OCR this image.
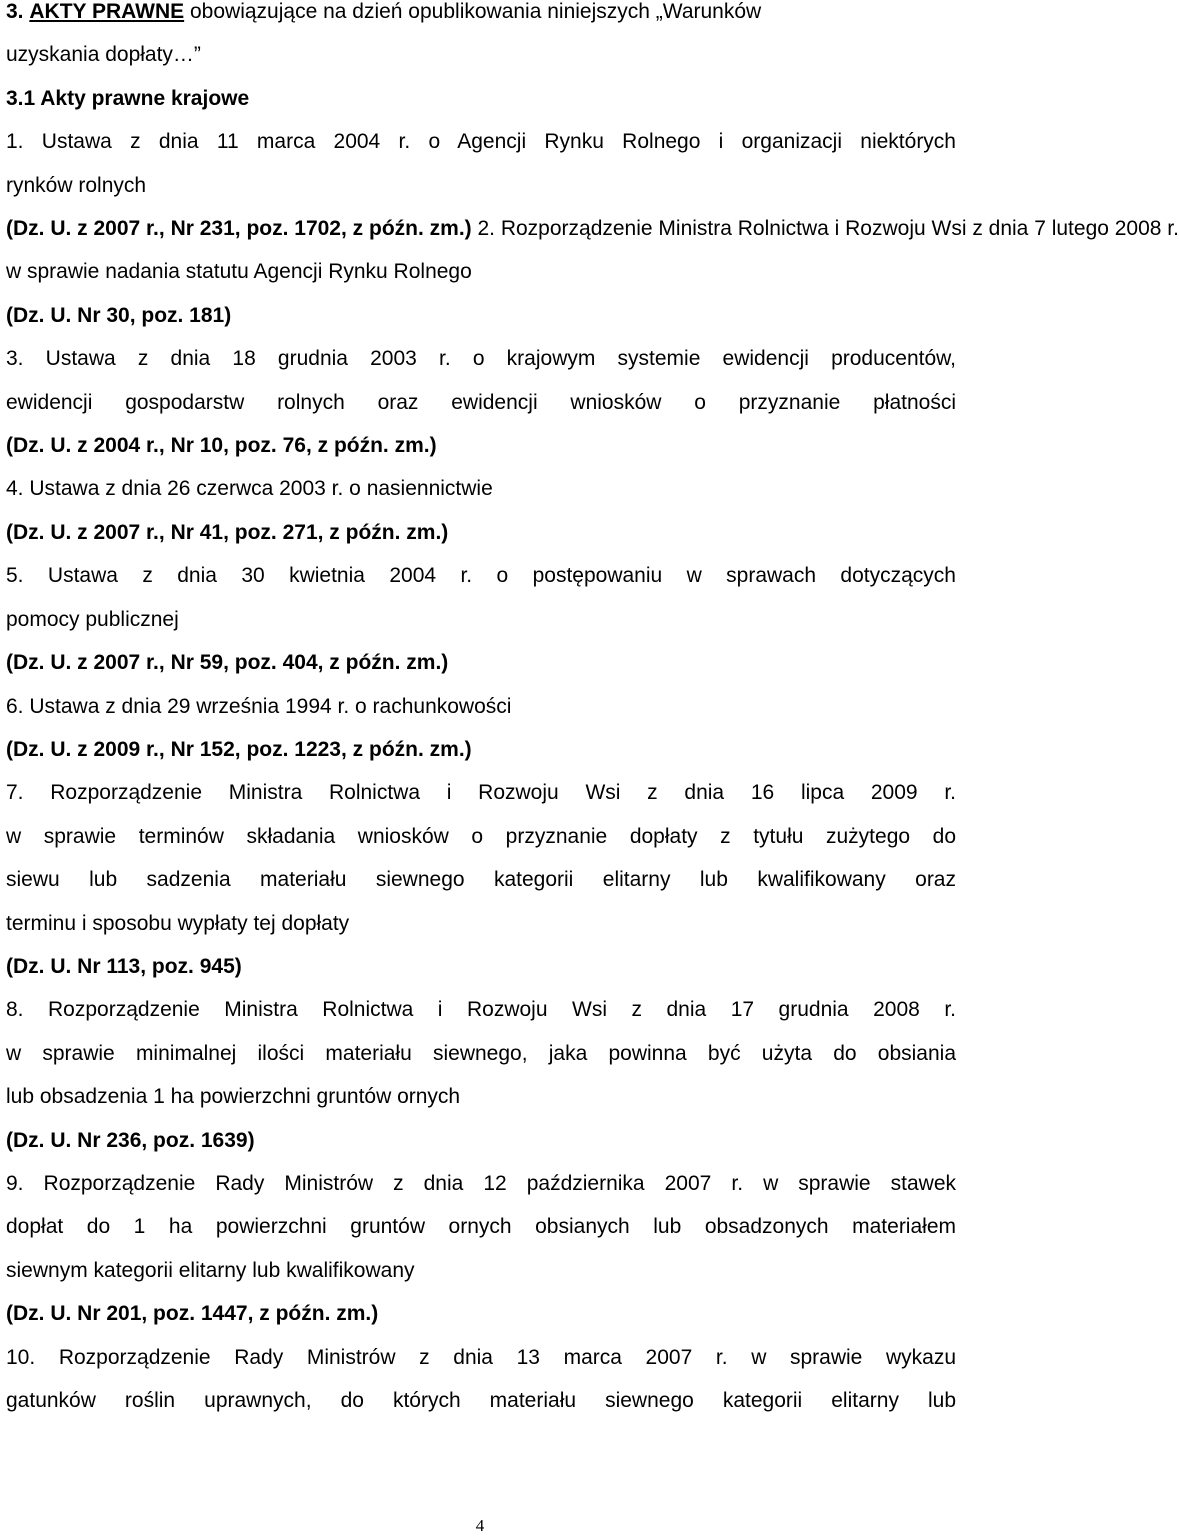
3. AKTY PRAWNE obowiązujące na dzień opublikowania niniejszych „Warunków
uzyskania dopłaty…”
3.1 Akty prawne krajowe
1. Ustawa z dnia 11 marca 2004 r. o Agencji Rynku Rolnego i organizacji niektórych
rynków rolnych
(Dz. U. z 2007 r., Nr 231, poz. 1702, z późn. zm.) 2. Rozporządzenie Ministra Rolnictwa i Rozwoju Wsi z dnia 7 lutego 2008 r.
w sprawie nadania statutu Agencji Rynku Rolnego
(Dz. U. Nr 30, poz. 181)
3. Ustawa z dnia 18 grudnia 2003 r. o krajowym systemie ewidencji producentów,
ewidencji gospodarstw rolnych oraz ewidencji wniosków o przyznanie płatności
(Dz. U. z 2004 r., Nr 10, poz. 76, z późn. zm.)
4. Ustawa z dnia 26 czerwca 2003 r. o nasiennictwie
(Dz. U. z 2007 r., Nr 41, poz. 271, z późn. zm.)
5. Ustawa z dnia 30 kwietnia 2004 r. o postępowaniu w sprawach dotyczących
pomocy publicznej
(Dz. U. z 2007 r., Nr 59, poz. 404, z późn. zm.)
6. Ustawa z dnia 29 września 1994 r. o rachunkowości
(Dz. U. z 2009 r., Nr 152, poz. 1223, z późn. zm.)
7. Rozporządzenie Ministra Rolnictwa i Rozwoju Wsi z dnia 16 lipca 2009 r.
w sprawie terminów składania wniosków o przyznanie dopłaty z tytułu zużytego do
siewu lub sadzenia materiału siewnego kategorii elitarny lub kwalifikowany oraz
terminu i sposobu wypłaty tej dopłaty
(Dz. U. Nr 113, poz. 945)
8. Rozporządzenie Ministra Rolnictwa i Rozwoju Wsi z dnia 17 grudnia 2008 r.
w sprawie minimalnej ilości materiału siewnego, jaka powinna być użyta do obsiania
lub obsadzenia 1 ha powierzchni gruntów ornych
(Dz. U. Nr 236, poz. 1639)
9. Rozporządzenie Rady Ministrów z dnia 12 października 2007 r. w sprawie stawek
dopłat do 1 ha powierzchni gruntów ornych obsianych lub obsadzonych materiałem
siewnym kategorii elitarny lub kwalifikowany
(Dz. U. Nr 201, poz. 1447, z późn. zm.)
10. Rozporządzenie Rady Ministrów z dnia 13 marca 2007 r. w sprawie wykazu
gatunków roślin uprawnych, do których materiału siewnego kategorii elitarny lub
4
